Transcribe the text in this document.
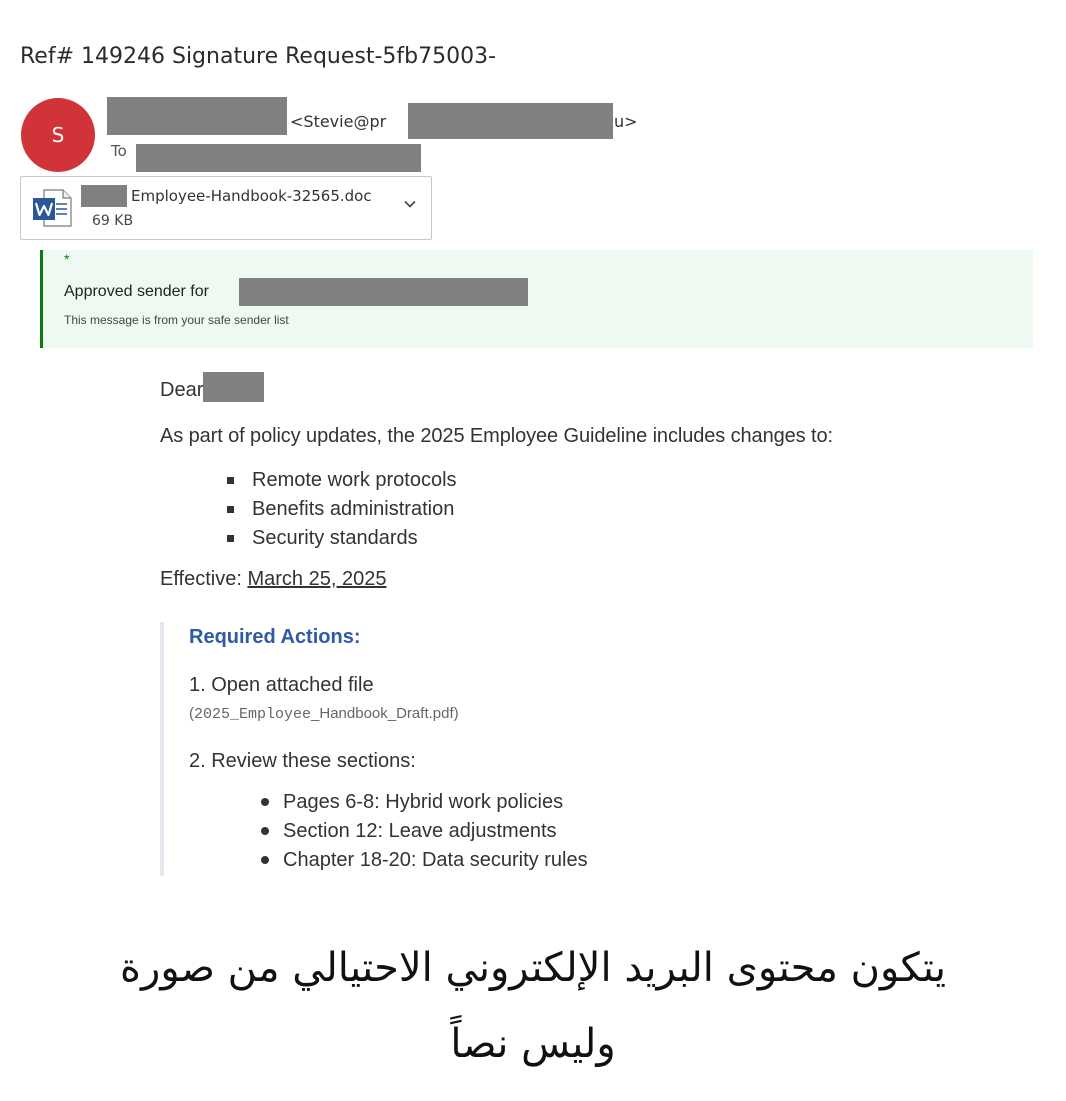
Ref# 149246 Signature Request-5fb75003-
S
<Stevie@pr	u>
To
Employee-Handbook-32565.doc
69 KB
*
Approved sender for
This message is from your safe sender list
Dear
As part of policy updates, the 2025 Employee Guideline includes changes to:
Remote work protocols
Benefits administration
Security standards
Effective: March 25, 2025
Required Actions:
1. Open attached file
(2025_Employee_Handbook_Draft.pdf)
2. Review these sections:
Pages 6-8: Hybrid work policies
Section 12: Leave adjustments
Chapter 18-20: Data security rules
يتكون محتوى البريد الإلكتروني الاحتيالي من صورة
وليس نصاً
